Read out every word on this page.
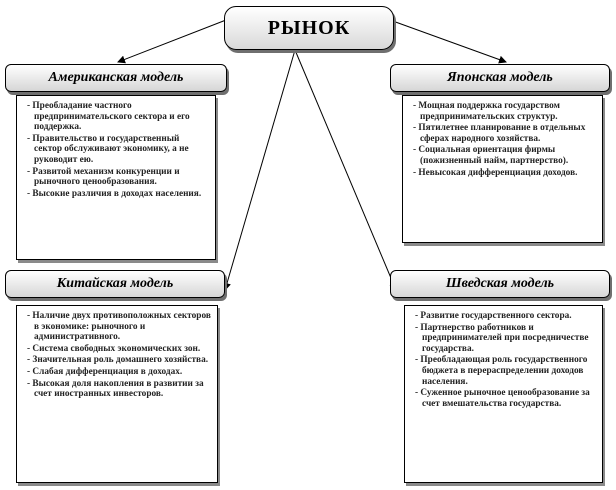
РЫНОК
Американская модель
- Преобладание частного предпринимательского сектора и его поддержка.
- Правительство и государственный сектор обслуживают экономику, а не руководит ею.
- Развитой механизм конкуренции и рыночного ценообразования.
- Высокие различия в доходах населения.
Японская модель
- Мощная поддержка государством предпринимательских структур.
- Пятилетнее планирование в отдельных сферах народного хозяйства.
- Социальная ориентация фирмы (пожизненный найм, партнерство).
- Невысокая дифференциация доходов.
Китайская модель
- Наличие двух противоположных секторов в экономике: рыночного и административного.
- Система свободных экономических зон.
- Значительная роль домашнего хозяйства.
- Слабая дифференциация в доходах.
- Высокая доля накопления в развитии за счет иностранных инвесторов.
Шведская модель
- Развитие государственного сектора.
- Партнерство работников и предпринимателей при посредничестве государства.
- Преобладающая роль государственного бюджета в перераспределении доходов населения.
- Суженное рыночное ценообразование за счет вмешательства государства.
